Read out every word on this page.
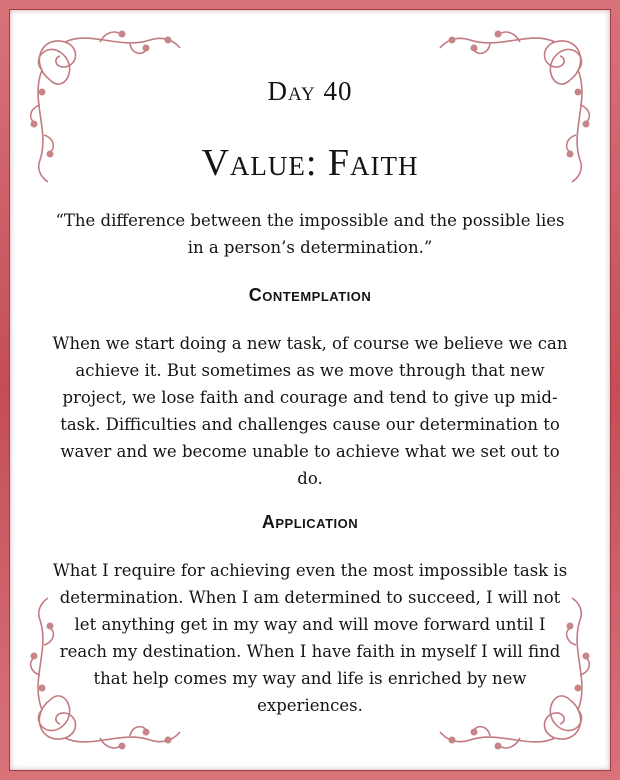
Day 40
Value: Faith
“The difference between the impossible and the possible lies in a person’s determination.”
Contemplation
When we start doing a new task, of course we believe we can achieve it. But sometimes as we move through that new project, we lose faith and courage and tend to give up mid-task. Difficulties and challenges cause our determination to waver and we become unable to achieve what we set out to do.
Application
What I require for achieving even the most impossible task is determination. When I am determined to succeed, I will not let anything get in my way and will move forward until I reach my destination. When I have faith in myself I will find that help comes my way and life is enriched by new experiences.
